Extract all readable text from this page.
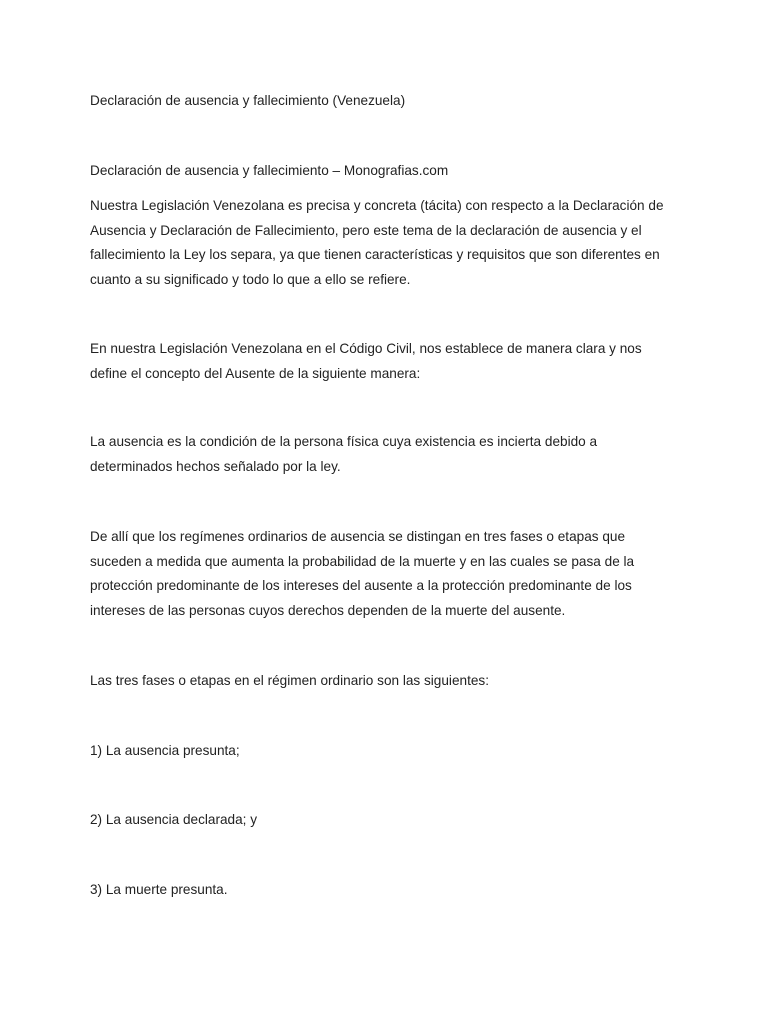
Declaración de ausencia y fallecimiento (Venezuela)

Declaración de ausencia y fallecimiento – Monografias.com

Nuestra Legislación Venezolana es precisa y concreta (tácita) con respecto a la Declaración de Ausencia y Declaración de Fallecimiento, pero este tema de la declaración de ausencia y el fallecimiento la Ley los separa, ya que tienen características y requisitos que son diferentes en cuanto a su significado y todo lo que a ello se refiere.

En nuestra Legislación Venezolana en el Código Civil, nos establece de manera clara y nos define el concepto del Ausente de la siguiente manera:

La ausencia es la condición de la persona física cuya existencia es incierta debido a determinados hechos señalado por la ley.

De allí que los regímenes ordinarios de ausencia se distingan en tres fases o etapas que suceden a medida que aumenta la probabilidad de la muerte y en las cuales se pasa de la protección predominante de los intereses del ausente a la protección predominante de los intereses de las personas cuyos derechos dependen de la muerte del ausente.

Las tres fases o etapas en el régimen ordinario son las siguientes:

1) La ausencia presunta;

2) La ausencia declarada; y

3) La muerte presunta.
